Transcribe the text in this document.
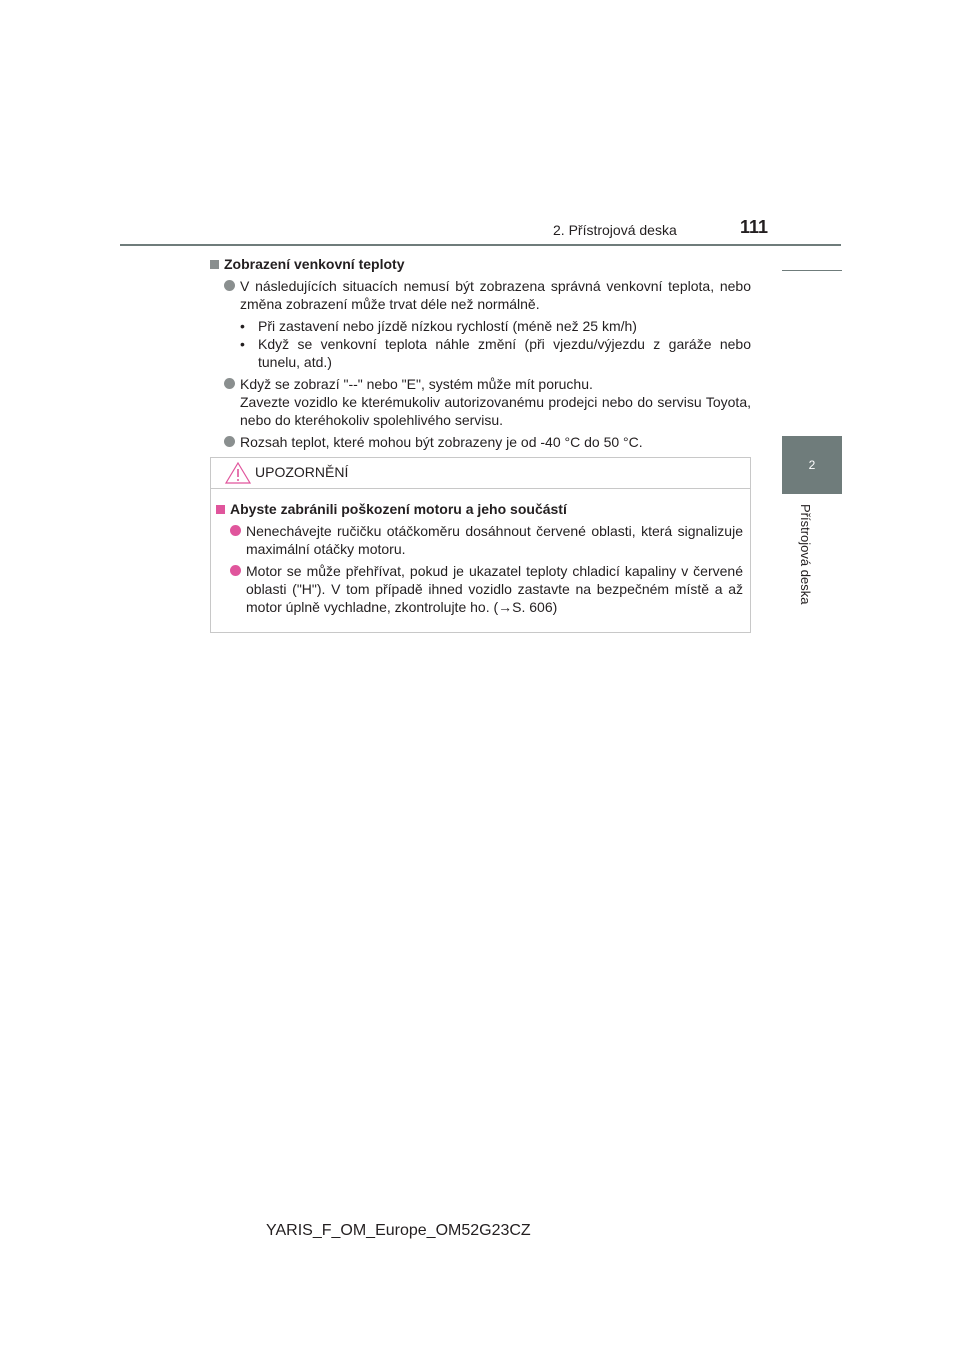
2. Přístrojová deska	111
2
Přístrojová deska
Zobrazení venkovní teploty
V následujících situacích nemusí být zobrazena správná venkovní teplota, nebo změna zobrazení může trvat déle než normálně.
• Při zastavení nebo jízdě nízkou rychlostí (méně než 25 km/h)
• Když se venkovní teplota náhle změní (při vjezdu/výjezdu z garáže nebo tunelu, atd.)
Když se zobrazí "--" nebo "E", systém může mít poruchu.
Zavezte vozidlo ke kterémukoliv autorizovanému prodejci nebo do servisu Toyota, nebo do kteréhokoliv spolehlivého servisu.
Rozsah teplot, které mohou být zobrazeny je od -40 °C do 50 °C.
UPOZORNĚNÍ
Abyste zabránili poškození motoru a jeho součástí
Nenechávejte ručičku otáčkoměru dosáhnout červené oblasti, která signalizuje maximální otáčky motoru.
Motor se může přehřívat, pokud je ukazatel teploty chladicí kapaliny v červené oblasti ("H"). V tom případě ihned vozidlo zastavte na bezpečném místě a až motor úplně vychladne, zkontrolujte ho. (→S. 606)
YARIS_F_OM_Europe_OM52G23CZ
